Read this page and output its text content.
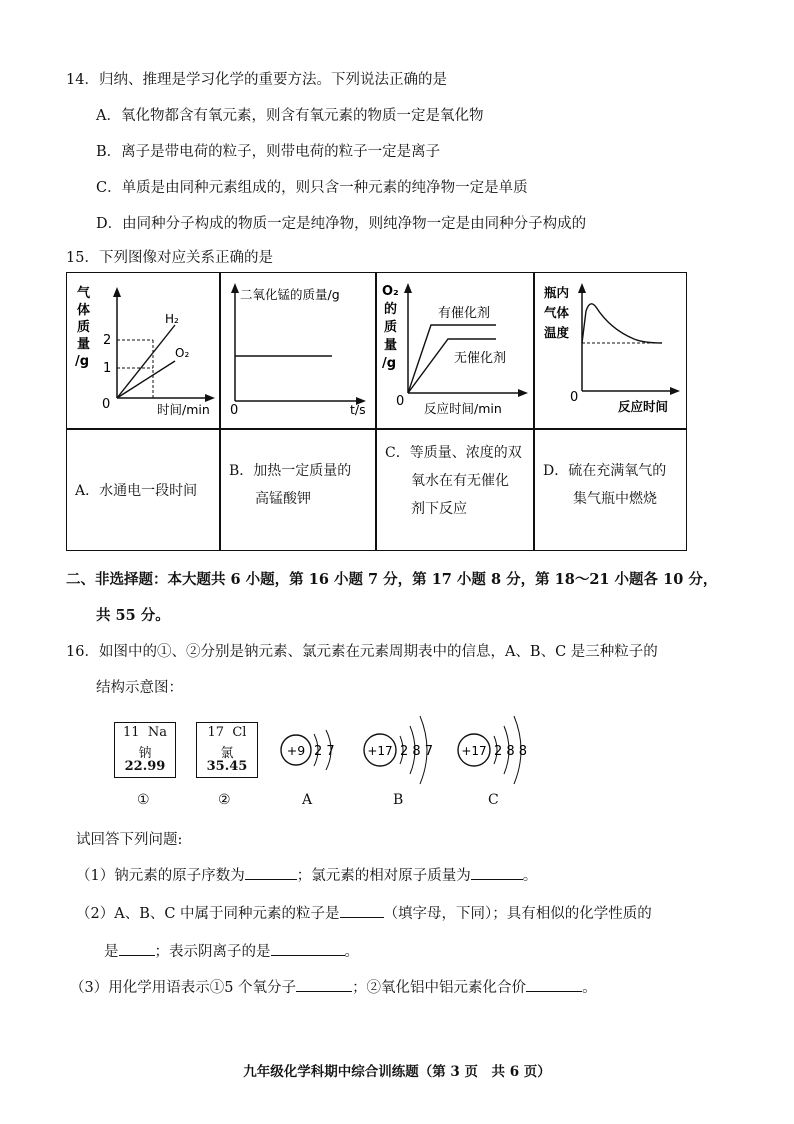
14．归纳、推理是学习化学的重要方法。下列说法正确的是
A．氧化物都含有氧元素，则含有氧元素的物质一定是氧化物
B．离子是带电荷的粒子，则带电荷的粒子一定是离子
C．单质是由同种元素组成的，则只含一种元素的纯净物一定是单质
D．由同种分子构成的物质一定是纯净物，则纯净物一定是由同种分子构成的
15．下列图像对应关系正确的是
气
体
质
量
/g
0
2
1
H₂
O₂
时间/min
二氧化锰的质量/g
0	t/s
O₂
的
质
量
/g
有催化剂
无催化剂
0 反应时间/min
瓶内
气体
温度
0
反应时间
A．水通电一段时间
B．加热一定质量的
高锰酸钾
C．等质量、浓度的双
氧水在有无催化
剂下反应
D．硫在充满氧气的
集气瓶中燃烧
二、非选择题：本大题共 6 小题，第 16 小题 7 分，第 17 小题 8 分，第 18～21 小题各 10 分，
共 55 分。
16．如图中的①、②分别是钠元素、氯元素在元素周期表中的信息，A、B、C 是三种粒子的
结构示意图：
11 Na
钠
22.99
17 Cl
氯
35.45
①	②
+9 2 7
A
+17 2 8 7
B
+17 2 8 8
C
试回答下列问题:
（1）钠元素的原子序数为	；氯元素的相对原子质量为	。
（2）A、B、C 中属于同种元素的粒子是	（填字母，下同）；具有相似的化学性质的
是 ；表示阴离子的是	。
（3）用化学用语表示①5 个氧分子	；②氧化铝中铝元素化合价	。
九年级化学科期中综合训练题（第 3 页　共 6 页）
